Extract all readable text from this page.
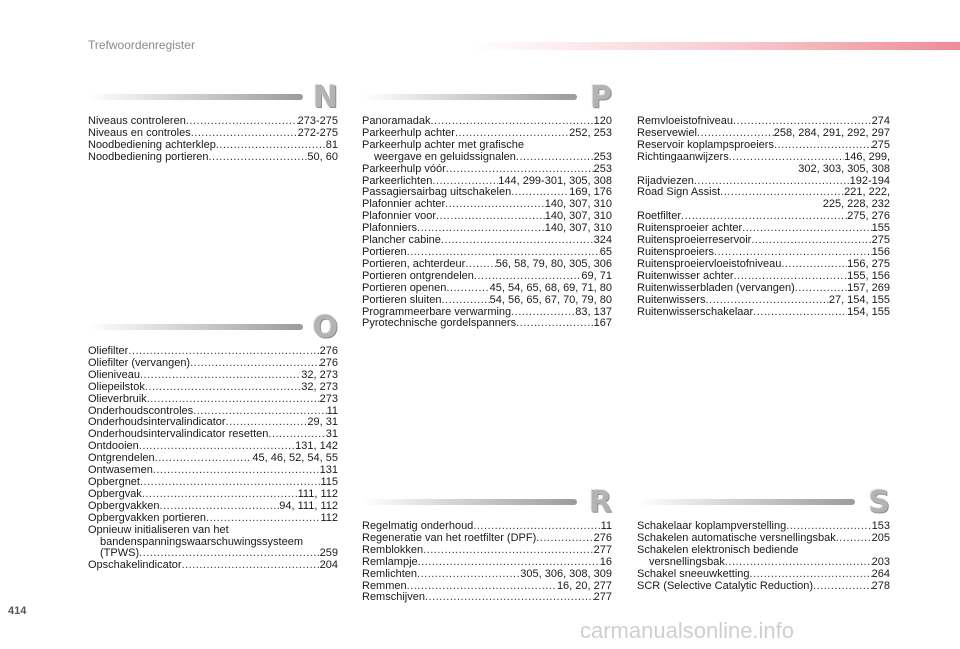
Trefwoordenregister
N
Niveaus controleren .....	273-275
Niveaus en controles .....	272-275
Noodbediening achterklep .....	81
Noodbediening portieren .....	50, 60
O
Oliefilter .....	276
Oliefilter (vervangen) .....	276
Olieniveau .....	32, 273
Oliepeilstok .....	32, 273
Olieverbruik .....	273
Onderhoudscontroles .....	11
Onderhoudsintervalindicator .....	29, 31
Onderhoudsintervalindicator resetten .....	31
Ontdooien .....	131, 142
Ontgrendelen .....	45, 46, 52, 54, 55
Ontwasemen .....	131
Opbergnet .....	115
Opbergvak .....	111, 112
Opbergvakken .....	94, 111, 112
Opbergvakken portieren .....	112
Opnieuw initialiseren van het
bandenspanningswaarschuwingssysteem
(TPWS) .....	259
Opschakelindicator .....	204
P
Panoramadak .....	120
Parkeerhulp achter .....	252, 253
Parkeerhulp achter met grafische
weergave en geluidssignalen .....	253
Parkeerhulp vóór .....	253
Parkeerlichten .....	144, 299-301, 305, 308
Passagiersairbag uitschakelen .....	169, 176
Plafonnier achter .....	140, 307, 310
Plafonnier voor .....	140, 307, 310
Plafonniers .....	140, 307, 310
Plancher cabine .....	324
Portieren .....	65
Portieren, achterdeur .....	56, 58, 79, 80, 305, 306
Portieren ontgrendelen .....	69, 71
Portieren openen .....	45, 54, 65, 68, 69, 71, 80
Portieren sluiten .....	54, 56, 65, 67, 70, 79, 80
Programmeerbare verwarming .....	83, 137
Pyrotechnische gordelspanners .....	167
R
Regelmatig onderhoud .....	11
Regeneratie van het roetfilter (DPF) .....	276
Remblokken .....	277
Remlampje .....	16
Remlichten .....	305, 306, 308, 309
Remmen .....	16, 20, 277
Remschijven .....	277
Remvloeistofniveau .....	274
Reservewiel .....	258, 284, 291, 292, 297
Reservoir koplampsproeiers .....	275
Richtingaanwijzers .....	146, 299,
302, 303, 305, 308
Rijadviezen .....	192-194
Road Sign Assist .....	221, 222,
225, 228, 232
Roetfilter .....	275, 276
Ruitensproeier achter .....	155
Ruitensproeierreservoir .....	275
Ruitensproeiers .....	156
Ruitensproeiervloeistofniveau .....	156, 275
Ruitenwisser achter .....	155, 156
Ruitenwisserbladen (vervangen) .....	157, 269
Ruitenwissers .....	27, 154, 155
Ruitenwisserschakelaar .....	154, 155
S
Schakelaar koplampverstelling .....	153
Schakelen automatische versnellingsbak .....	205
Schakelen elektronisch bediende
versnellingsbak .....	203
Schakel sneeuwketting .....	264
SCR (Selective Catalytic Reduction) .....	278
414
carmanualsonline.info
